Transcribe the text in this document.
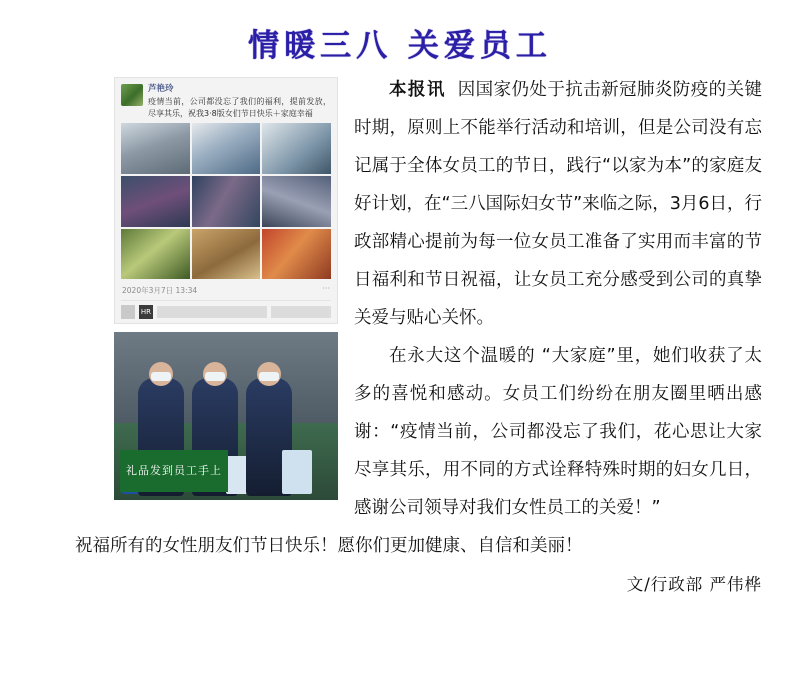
情暖三八 关爱员工
芦艳玲
疫情当前，公司都没忘了我们的福利，提前发放，尽享其乐，祝我3·8版女们节日快乐＋家庭幸福
2020年3月7日 13:34	···
HR
礼品发到员工手上

本报讯 因国家仍处于抗击新冠肺炎防疫的关键时期，原则上不能举行活动和培训，但是公司没有忘记属于全体女员工的节日，践行“以家为本”的家庭友好计划，在“三八国际妇女节”来临之际，3月6日，行政部精心提前为每一位女员工准备了实用而丰富的节日福利和节日祝福，让女员工充分感受到公司的真挚关爱与贴心关怀。

在永大这个温暖的 “大家庭”里，她们收获了太多的喜悦和感动。女员工们纷纷在朋友圈里晒出感谢：“疫情当前，公司都没忘了我们，花心思让大家尽享其乐，用不同的方式诠释特殊时期的妇女几日，感谢公司领导对我们女性员工的关爱！”

祝福所有的女性朋友们节日快乐！愿你们更加健康、自信和美丽！

文/行政部 严伟桦
